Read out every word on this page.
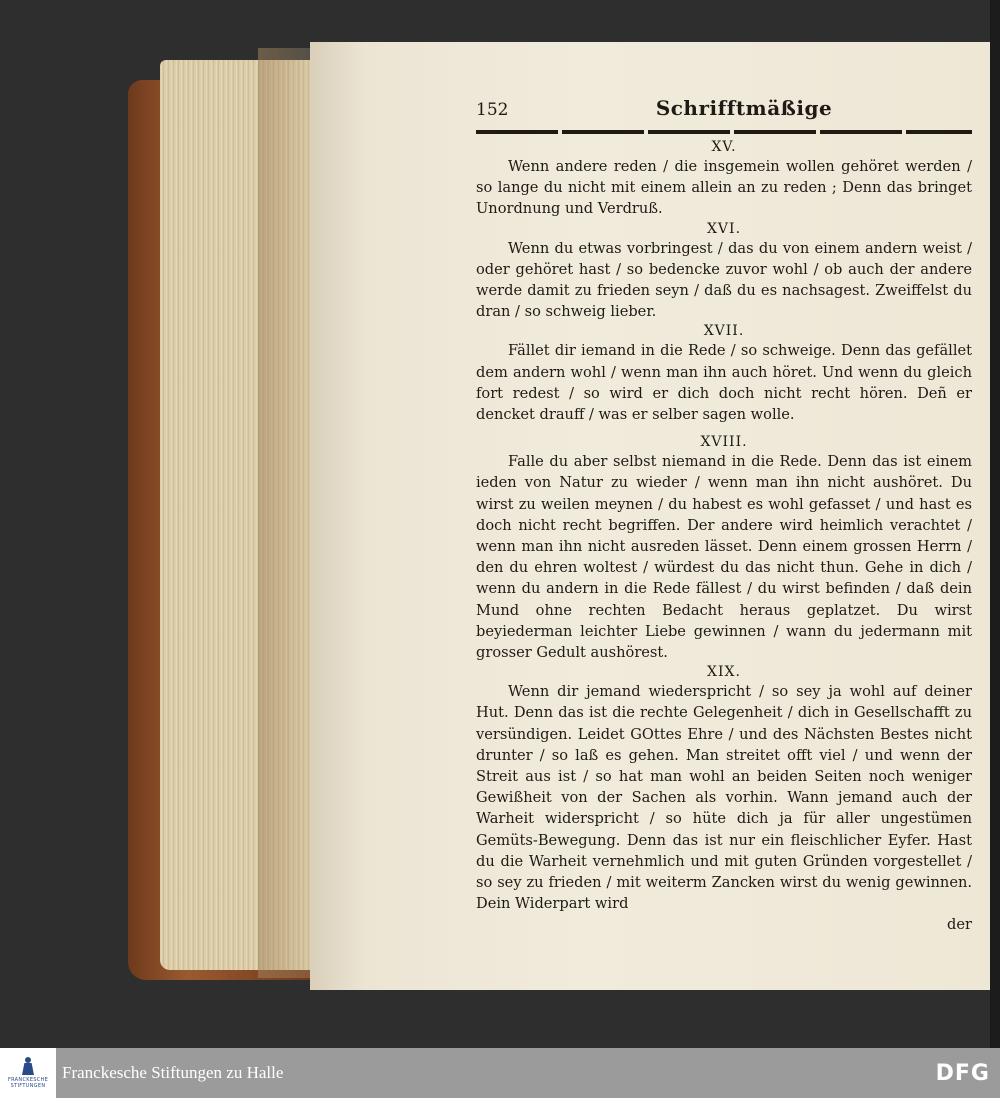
152	Schrifftmäßige
XV.

Wenn andere reden / die insgemein wollen gehöret werden / so lange du nicht mit einem allein an zu reden ; Denn das bringet Unordnung und Verdruß.

XVI.

Wenn du etwas vorbringest / das du von einem andern weist / oder gehöret hast / so bedencke zuvor wohl / ob auch der andere werde damit zu frieden seyn / daß du es nachsagest. Zweiffelst du dran / so schweig lieber.

XVII.

Fället dir iemand in die Rede / so schweige. Denn das gefället dem andern wohl / wenn man ihn auch höret. Und wenn du gleich fort redest / so wird er dich doch nicht recht hören. Deñ er dencket drauff / was er selber sagen wolle.

XVIII.

Falle du aber selbst niemand in die Rede. Denn das ist einem ieden von Natur zu wieder / wenn man ihn nicht aushöret. Du wirst zu weilen meynen / du habest es wohl gefasset / und hast es doch nicht recht begriffen. Der andere wird heimlich verachtet / wenn man ihn nicht ausreden lässet. Denn einem grossen Herrn / den du ehren woltest / würdest du das nicht thun. Gehe in dich / wenn du andern in die Rede fällest / du wirst befinden / daß dein Mund ohne rechten Bedacht heraus geplatzet. Du wirst beyiederman leichter Liebe gewinnen / wann du jedermann mit grosser Gedult aushörest.

XIX.

Wenn dir jemand wiederspricht / so sey ja wohl auf deiner Hut. Denn das ist die rechte Gelegenheit / dich in Gesellschafft zu versündigen. Leidet GOttes Ehre / und des Nächsten Bestes nicht drunter / so laß es gehen. Man streitet offt viel / und wenn der Streit aus ist / so hat man wohl an beiden Seiten noch weniger Gewißheit von der Sachen als vorhin. Wann jemand auch der Warheit widerspricht / so hüte dich ja für aller ungestümen Gemüts-Bewegung. Denn das ist nur ein fleischlicher Eyfer. Hast du die Warheit vernehmlich und mit guten Gründen vorgestellet / so sey zu frieden / mit weiterm Zancken wirst du wenig gewinnen. Dein Widerpart wird

der
FRANCKESCHE
STIFTUNGEN
Franckesche Stiftungen zu Halle	DFG
